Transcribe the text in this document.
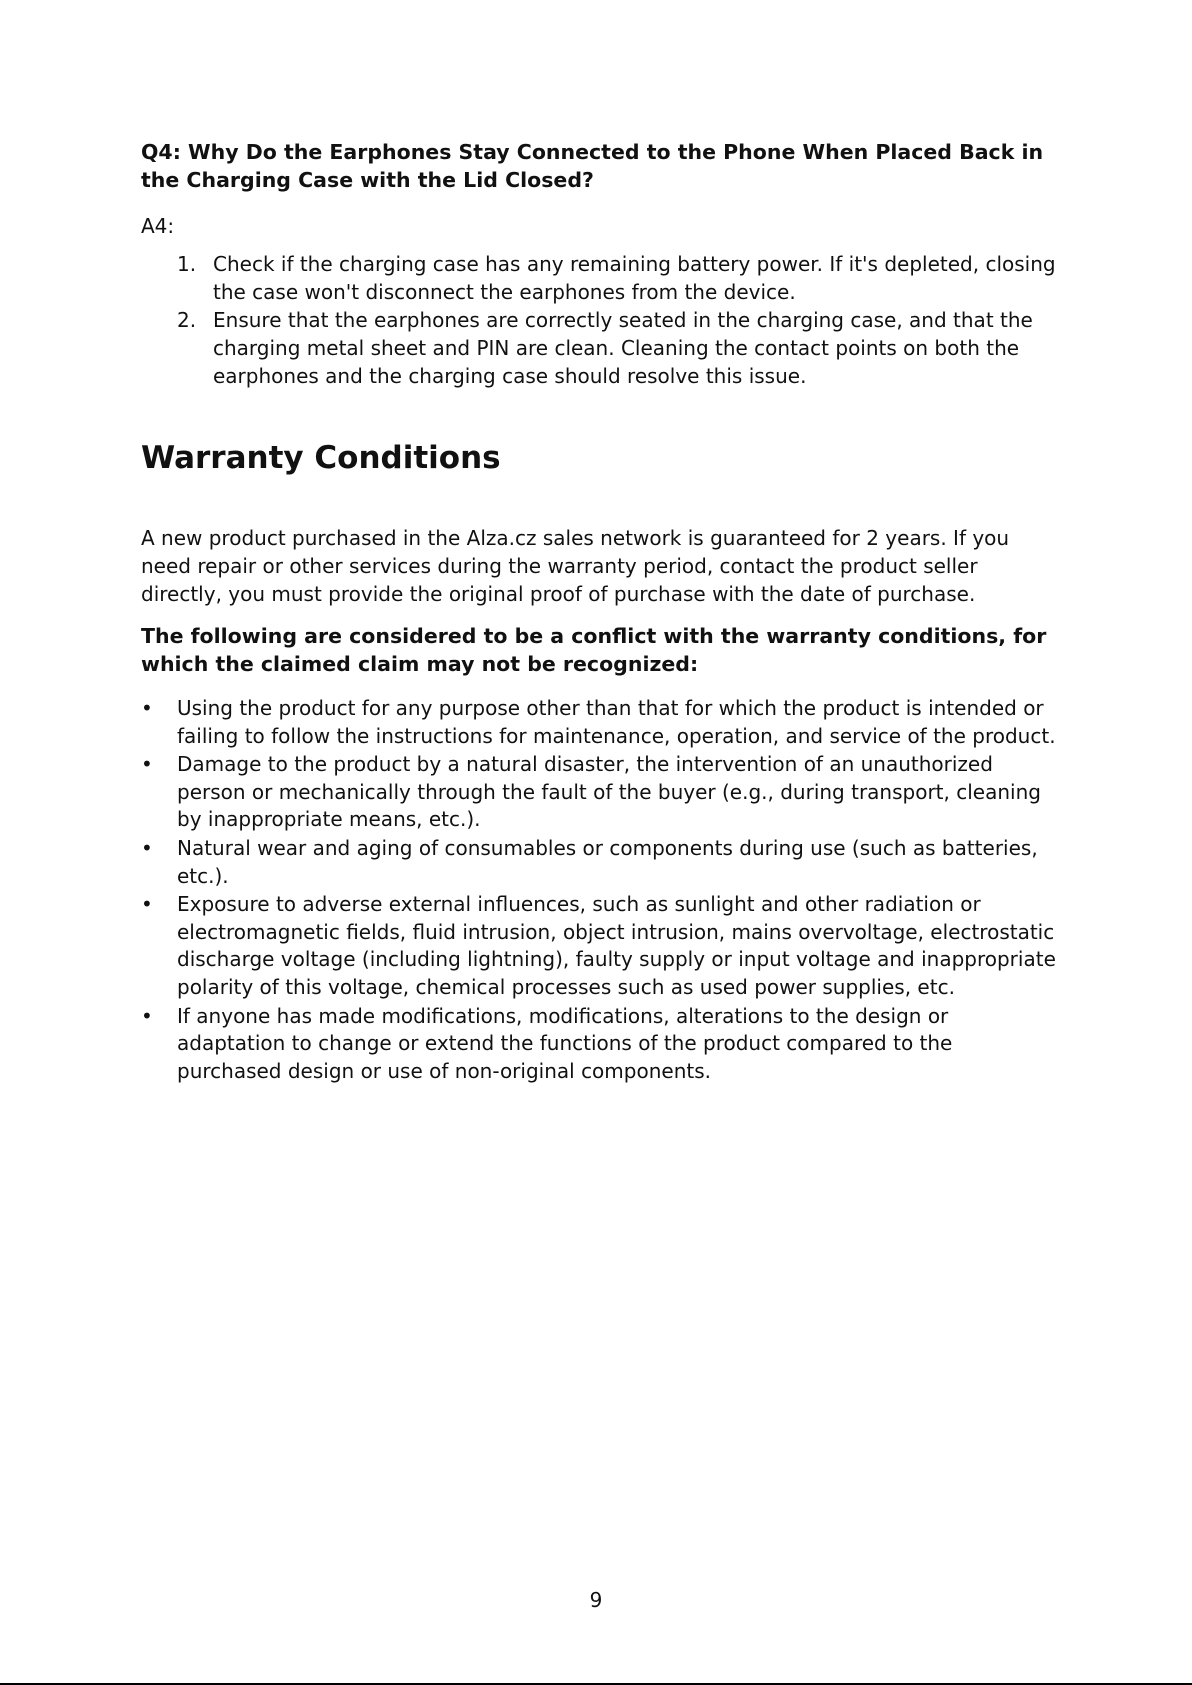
Q4: Why Do the Earphones Stay Connected to the Phone When Placed Back in the Charging Case with the Lid Closed?

A4:

1. Check if the charging case has any remaining battery power. If it's depleted, closing the case won't disconnect the earphones from the device.
2. Ensure that the earphones are correctly seated in the charging case, and that the charging metal sheet and PIN are clean. Cleaning the contact points on both the earphones and the charging case should resolve this issue.
Warranty Conditions

A new product purchased in the Alza.cz sales network is guaranteed for 2 years. If you need repair or other services during the warranty period, contact the product seller directly, you must provide the original proof of purchase with the date of purchase.

The following are considered to be a conflict with the warranty conditions, for which the claimed claim may not be recognized:

• Using the product for any purpose other than that for which the product is intended or failing to follow the instructions for maintenance, operation, and service of the product.
• Damage to the product by a natural disaster, the intervention of an unauthorized person or mechanically through the fault of the buyer (e.g., during transport, cleaning by inappropriate means, etc.).
• Natural wear and aging of consumables or components during use (such as batteries, etc.).
• Exposure to adverse external influences, such as sunlight and other radiation or electromagnetic fields, fluid intrusion, object intrusion, mains overvoltage, electrostatic discharge voltage (including lightning), faulty supply or input voltage and inappropriate polarity of this voltage, chemical processes such as used power supplies, etc.
• If anyone has made modifications, modifications, alterations to the design or adaptation to change or extend the functions of the product compared to the purchased design or use of non-original components.
9
